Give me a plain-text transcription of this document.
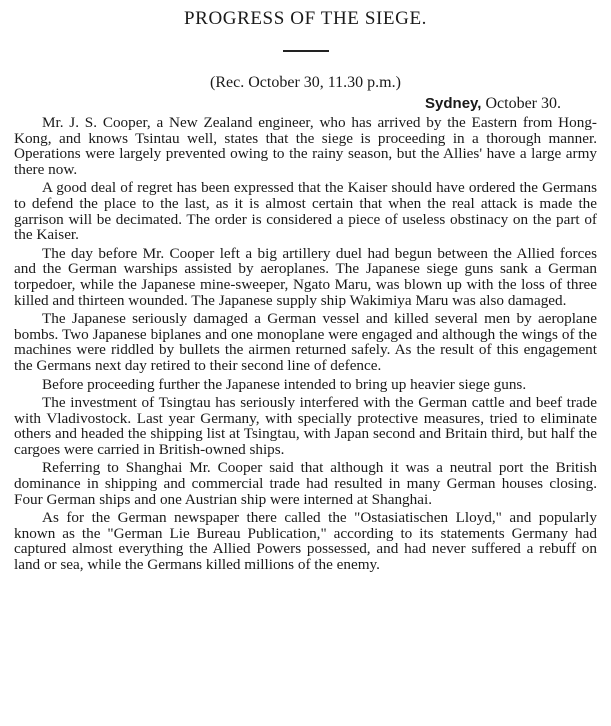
PROGRESS OF THE SIEGE.

(Rec. October 30, 11.30 p.m.)

Sydney, October 30.

Mr. J. S. Cooper, a New Zealand engineer, who has arrived by the Eastern from Hong-Kong, and knows Tsintau well, states that the siege is proceeding in a thorough manner. Operations were largely prevented owing to the rainy season, but the Allies' have a large army there now.

A good deal of regret has been expressed that the Kaiser should have ordered the Germans to defend the place to the last, as it is almost certain that when the real attack is made the garrison will be decimated. The order is considered a piece of useless obstinacy on the part of the Kaiser.

The day before Mr. Cooper left a big artillery duel had begun between the Allied forces and the German warships assisted by aeroplanes. The Japanese siege guns sank a German torpedoer, while the Japanese mine-sweeper, Ngato Maru, was blown up with the loss of three killed and thirteen wounded. The Japanese supply ship Wakimiya Maru was also damaged.

The Japanese seriously damaged a German vessel and killed several men by aeroplane bombs. Two Japanese biplanes and one monoplane were engaged and although the wings of the machines were riddled by bullets the airmen returned safely. As the result of this engagement the Germans next day retired to their second line of defence.

Before proceeding further the Japanese intended to bring up heavier siege guns.

The investment of Tsingtau has seriously interfered with the German cattle and beef trade with Vladivostock. Last year Germany, with specially protective measures, tried to eliminate others and headed the shipping list at Tsingtau, with Japan second and Britain third, but half the cargoes were carried in British-owned ships.

Referring to Shanghai Mr. Cooper said that although it was a neutral port the British dominance in shipping and commercial trade had resulted in many German houses closing. Four German ships and one Austrian ship were interned at Shanghai.

As for the German newspaper there called the "Ostasiatischen Lloyd," and popularly known as the "German Lie Bureau Publication," according to its statements Germany had captured almost everything the Allied Powers possessed, and had never suffered a rebuff on land or sea, while the Germans killed millions of the enemy.
